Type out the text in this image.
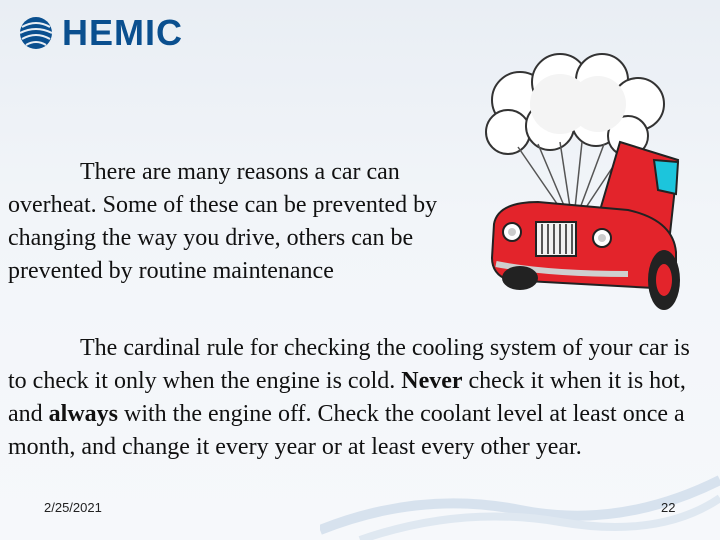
HEMIC

There are many reasons a car can overheat. Some of these can be prevented by changing the way you drive, others can be prevented by routine maintenance

The cardinal rule for checking the cooling system of your car is to check it only when the engine is cold. Never check it when it is hot, and always with the engine off. Check the coolant level at least once a month, and change it every year or at least every other year.

2/25/2021	22
